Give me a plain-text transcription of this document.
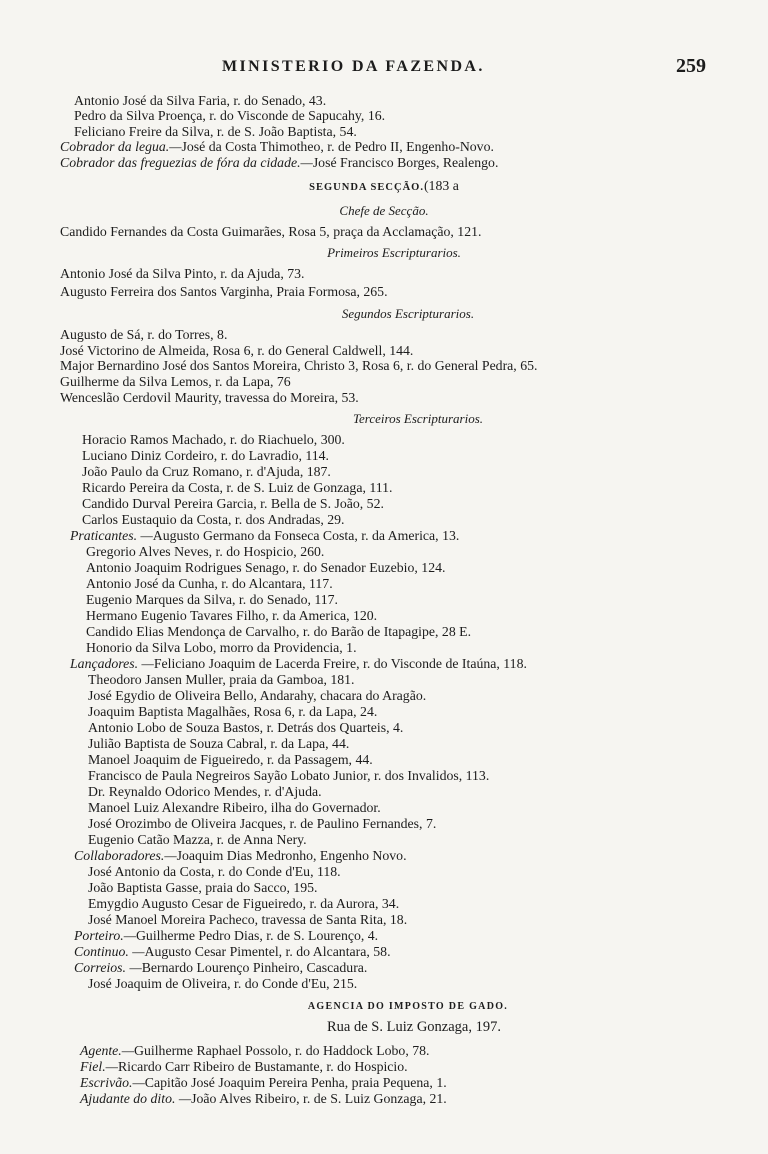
MINISTERIO DA FAZENDA.	259
Antonio José da Silva Faria, r. do Senado, 43.
Pedro da Silva Proença, r. do Visconde de Sapucahy, 16.
Feliciano Freire da Silva, r. de S. João Baptista, 54.
Cobrador da legua.—José da Costa Thimotheo, r. de Pedro II, Engenho-Novo.
Cobrador das freguezias de fóra da cidade.—José Francisco Borges, Realengo.
SEGUNDA SECÇÃO.(183 a
Chefe de Secção.
Candido Fernandes da Costa Guimarães, Rosa 5, praça da Acclamação, 121.
Primeiros Escripturarios.
Antonio José da Silva Pinto, r. da Ajuda, 73.
Augusto Ferreira dos Santos Varginha, Praia Formosa, 265.
Segundos Escripturarios.
Augusto de Sá, r. do Torres, 8.
José Victorino de Almeida, Rosa 6, r. do General Caldwell, 144.
Major Bernardino José dos Santos Moreira, Christo 3, Rosa 6, r. do General Pedra, 65.
Guilherme da Silva Lemos, r. da Lapa, 76
Wenceslão Cerdovil Maurity, travessa do Moreira, 53.
Terceiros Escripturarios.
Horacio Ramos Machado, r. do Riachuelo, 300.
Luciano Diniz Cordeiro, r. do Lavradio, 114.
João Paulo da Cruz Romano, r. d'Ajuda, 187.
Ricardo Pereira da Costa, r. de S. Luiz de Gonzaga, 111.
Candido Durval Pereira Garcia, r. Bella de S. João, 52.
Carlos Eustaquio da Costa, r. dos Andradas, 29.
Praticantes. —Augusto Germano da Fonseca Costa, r. da America, 13.
Gregorio Alves Neves, r. do Hospicio, 260.
Antonio Joaquim Rodrigues Senago, r. do Senador Euzebio, 124.
Antonio José da Cunha, r. do Alcantara, 117.
Eugenio Marques da Silva, r. do Senado, 117.
Hermano Eugenio Tavares Filho, r. da America, 120.
Candido Elias Mendonça de Carvalho, r. do Barão de Itapagipe, 28 E.
Honorio da Silva Lobo, morro da Providencia, 1.
Lançadores. —Feliciano Joaquim de Lacerda Freire, r. do Visconde de Itaúna, 118.
Theodoro Jansen Muller, praia da Gamboa, 181.
José Egydio de Oliveira Bello, Andarahy, chacara do Aragão.
Joaquim Baptista Magalhães, Rosa 6, r. da Lapa, 24.
Antonio Lobo de Souza Bastos, r. Detrás dos Quarteis, 4.
Julião Baptista de Souza Cabral, r. da Lapa, 44.
Manoel Joaquim de Figueiredo, r. da Passagem, 44.
Francisco de Paula Negreiros Sayão Lobato Junior, r. dos Invalidos, 113.
Dr. Reynaldo Odorico Mendes, r. d'Ajuda.
Manoel Luiz Alexandre Ribeiro, ilha do Governador.
José Orozimbo de Oliveira Jacques, r. de Paulino Fernandes, 7.
Eugenio Catão Mazza, r. de Anna Nery.
Collaboradores.—Joaquim Dias Medronho, Engenho Novo.
José Antonio da Costa, r. do Conde d'Eu, 118.
João Baptista Gasse, praia do Sacco, 195.
Emygdio Augusto Cesar de Figueiredo, r. da Aurora, 34.
José Manoel Moreira Pacheco, travessa de Santa Rita, 18.
Porteiro.—Guilherme Pedro Dias, r. de S. Lourenço, 4.
Continuo. —Augusto Cesar Pimentel, r. do Alcantara, 58.
Correios. —Bernardo Lourenço Pinheiro, Cascadura.
José Joaquim de Oliveira, r. do Conde d'Eu, 215.
AGENCIA DO IMPOSTO DE GADO.
Rua de S. Luiz Gonzaga, 197.
Agente.—Guilherme Raphael Possolo, r. do Haddock Lobo, 78.
Fiel.—Ricardo Carr Ribeiro de Bustamante, r. do Hospicio.
Escrivão.—Capitão José Joaquim Pereira Penha, praia Pequena, 1.
Ajudante do dito. —João Alves Ribeiro, r. de S. Luiz Gonzaga, 21.
